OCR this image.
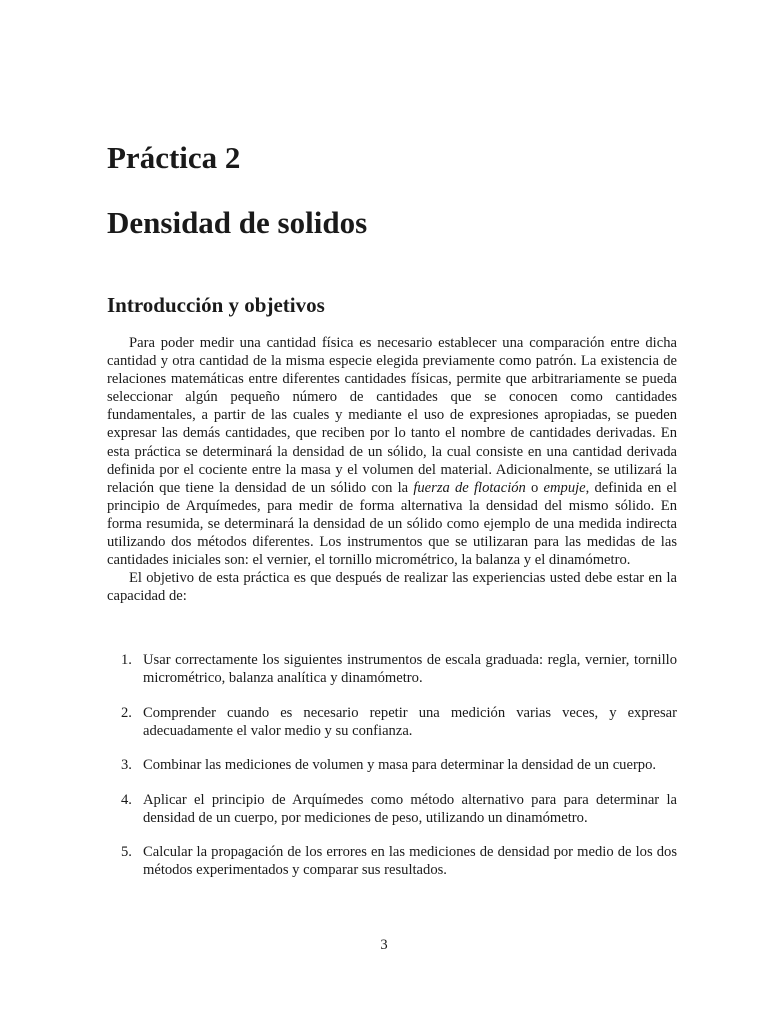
Práctica 2
Densidad de solidos
Introducción y objetivos

Para poder medir una cantidad física es necesario establecer una comparación entre dicha cantidad y otra cantidad de la misma especie elegida previamente como patrón. La existencia de relaciones matemáticas entre diferentes cantidades físicas, permite que arbitrariamente se pueda seleccionar algún pequeño número de cantidades que se conocen como cantidades fundamentales, a partir de las cuales y mediante el uso de expresiones apropiadas, se pueden expresar las demás cantidades, que reciben por lo tanto el nombre de cantidades derivadas. En esta práctica se determinará la densidad de un sólido, la cual consiste en una cantidad derivada definida por el cociente entre la masa y el volumen del material. Adicionalmente, se utilizará la relación que tiene la densidad de un sólido con la fuerza de flotación o empuje, definida en el principio de Arquímedes, para medir de forma alternativa la densidad del mismo sólido. En forma resumida, se determinará la densidad de un sólido como ejemplo de una medida indirecta utilizando dos métodos diferentes. Los instrumentos que se utilizaran para las medidas de las cantidades iniciales son: el vernier, el tornillo micrométrico, la balanza y el dinamómetro.

El objetivo de esta práctica es que después de realizar las experiencias usted debe estar en la capacidad de:

1. Usar correctamente los siguientes instrumentos de escala graduada: regla, vernier, tornillo micrométrico, balanza analítica y dinamómetro.
2. Comprender cuando es necesario repetir una medición varias veces, y expresar adecuadamente el valor medio y su confianza.
3. Combinar las mediciones de volumen y masa para determinar la densidad de un cuerpo.
4. Aplicar el principio de Arquímedes como método alternativo para para determinar la densidad de un cuerpo, por mediciones de peso, utilizando un dinamómetro.
5. Calcular la propagación de los errores en las mediciones de densidad por medio de los dos métodos experimentados y comparar sus resultados.
3
